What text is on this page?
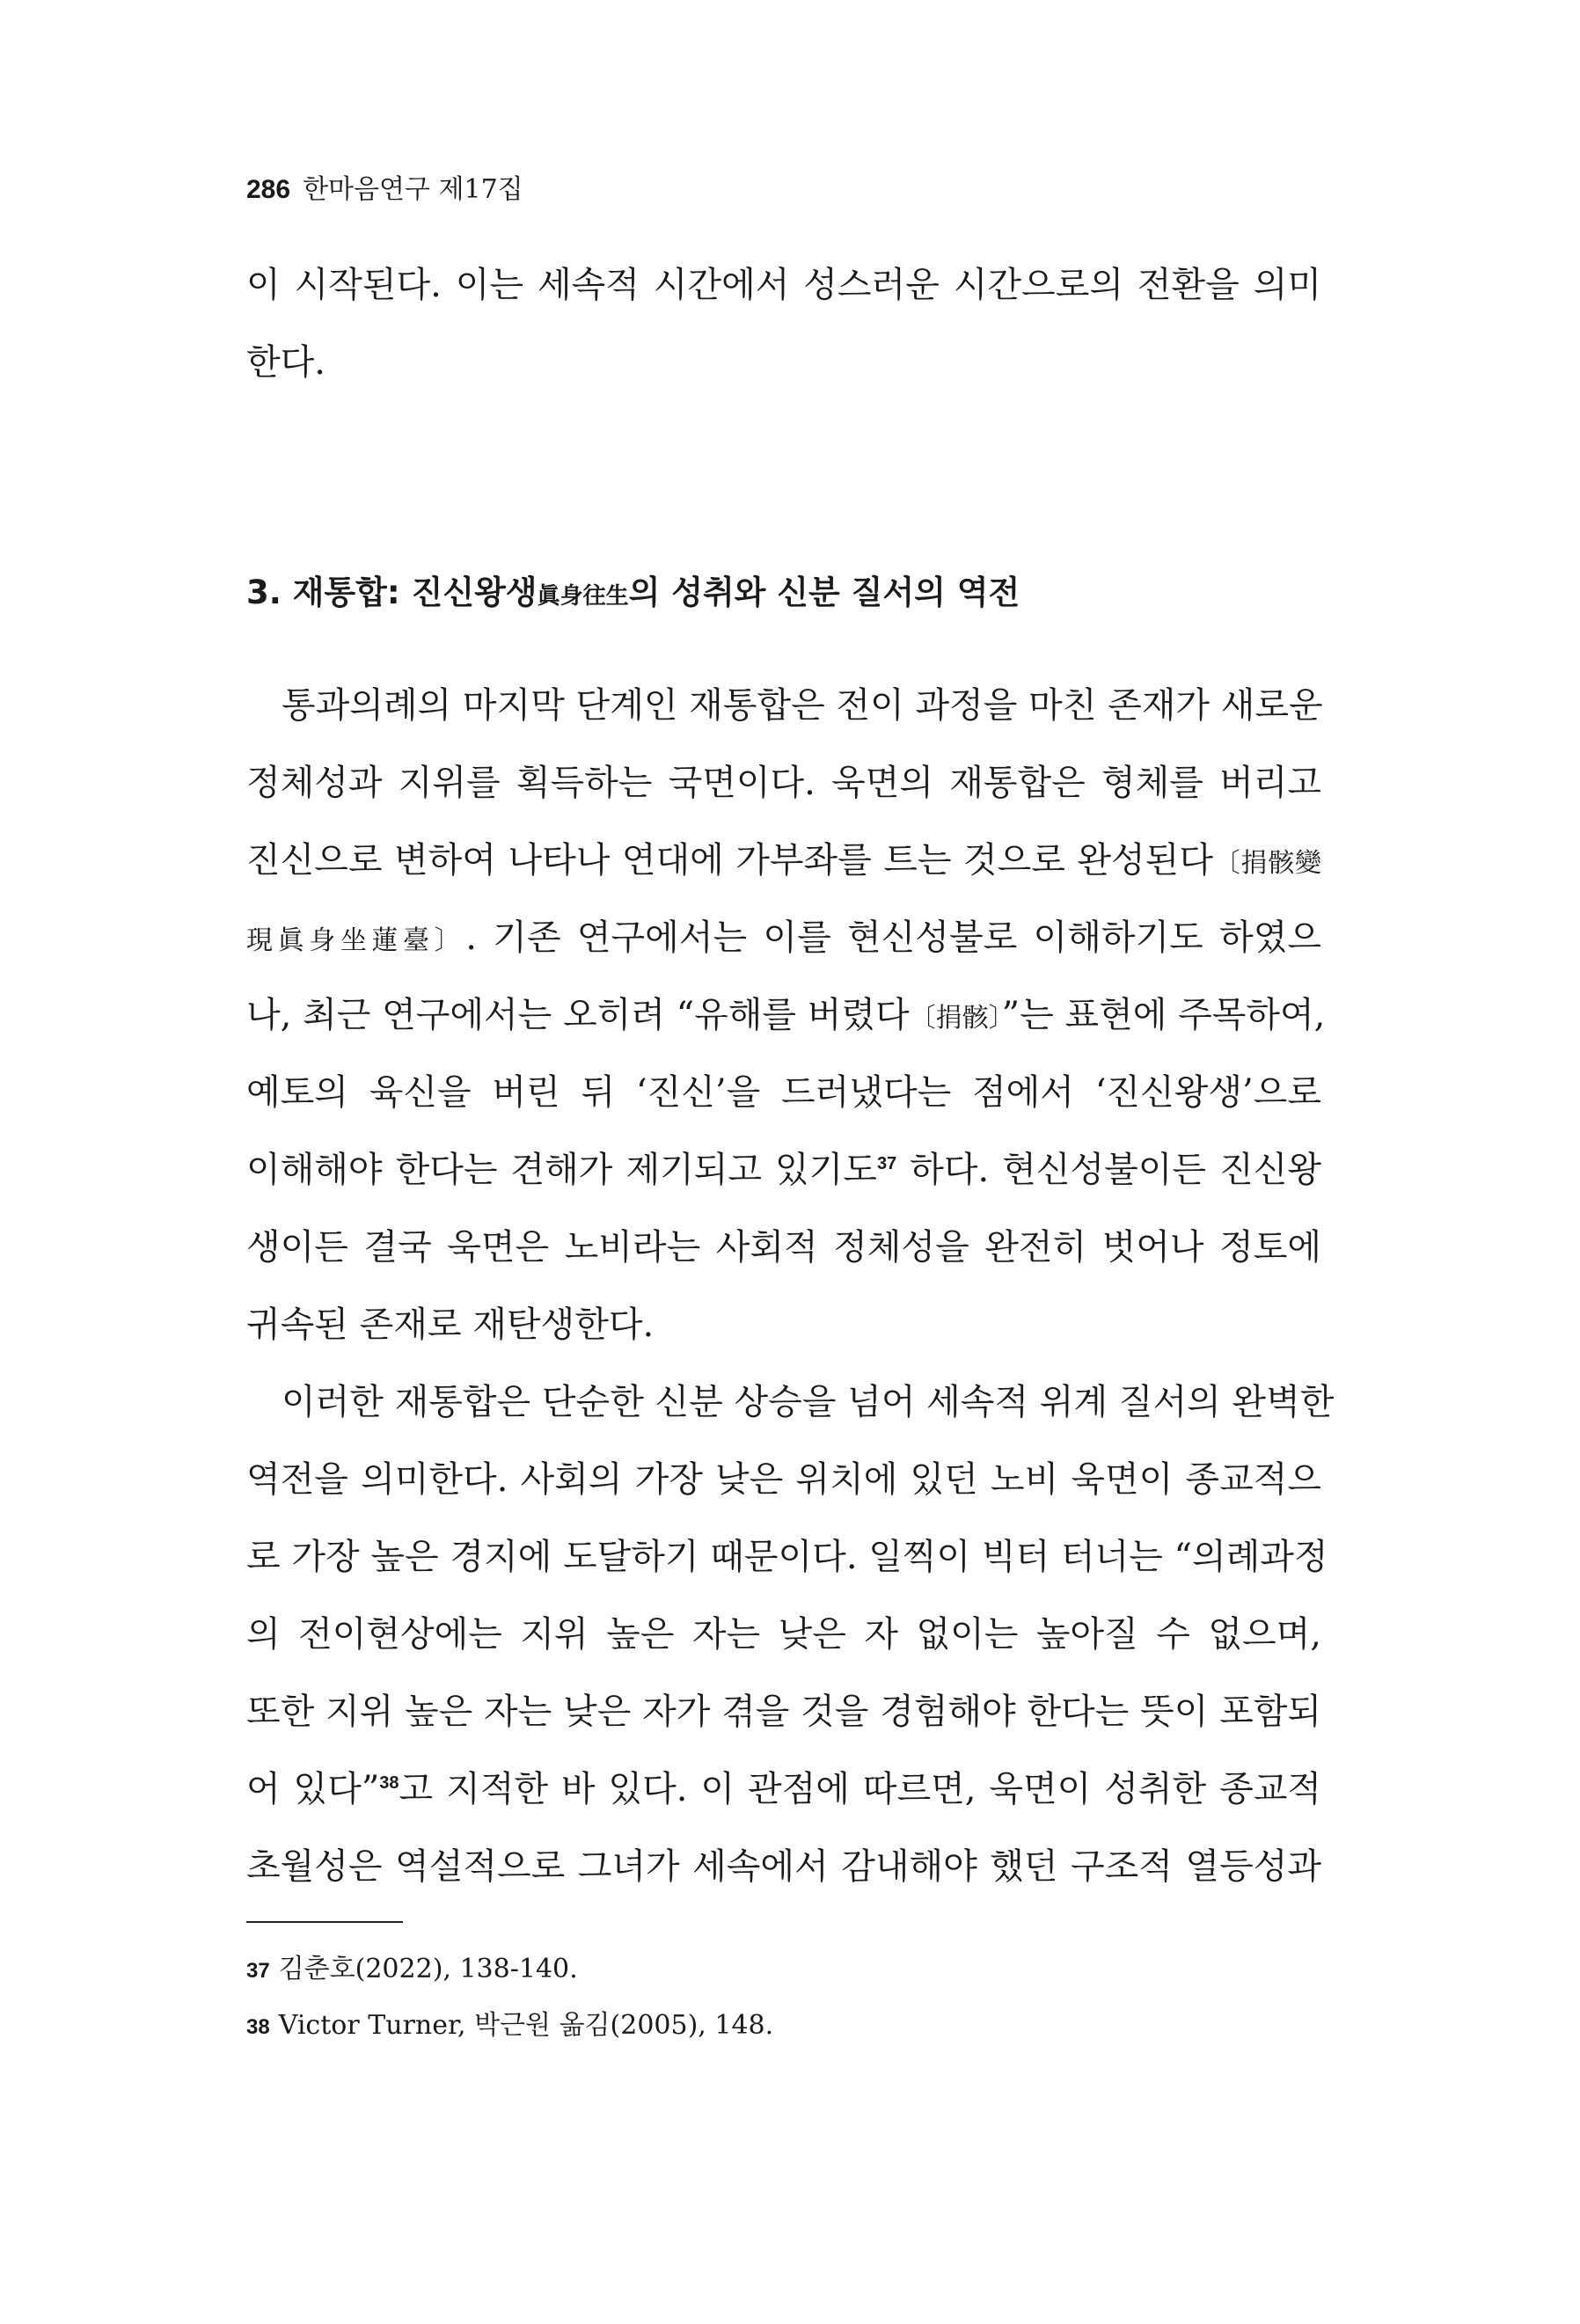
286 한마음연구 제17집
이 시작된다. 이는 세속적 시간에서 성스러운 시간으로의 전환을 의미
한다.
3. 재통합: 진신왕생眞身往生의 성취와 신분 질서의 역전
통과의례의 마지막 단계인 재통합은 전이 과정을 마친 존재가 새로운
정체성과 지위를 획득하는 국면이다. 욱면의 재통합은 형체를 버리고
진신으로 변하여 나타나 연대에 가부좌를 트는 것으로 완성된다〔捐骸變
現眞身坐蓮臺〕. 기존 연구에서는 이를 현신성불로 이해하기도 하였으
나, 최근 연구에서는 오히려 “유해를 버렸다〔捐骸〕”는 표현에 주목하여,
예토의 육신을 버린 뒤 ‘진신’을 드러냈다는 점에서 ‘진신왕생’으로
이해해야 한다는 견해가 제기되고 있기도$^{37}$ 하다. 현신성불이든 진신왕
생이든 결국 욱면은 노비라는 사회적 정체성을 완전히 벗어나 정토에
귀속된 존재로 재탄생한다.
이러한 재통합은 단순한 신분 상승을 넘어 세속적 위계 질서의 완벽한
역전을 의미한다. 사회의 가장 낮은 위치에 있던 노비 욱면이 종교적으
로 가장 높은 경지에 도달하기 때문이다. 일찍이 빅터 터너는 “의례과정
의 전이현상에는 지위 높은 자는 낮은 자 없이는 높아질 수 없으며,
또한 지위 높은 자는 낮은 자가 겪을 것을 경험해야 한다는 뜻이 포함되
어 있다”$^{38}$고 지적한 바 있다. 이 관점에 따르면, 욱면이 성취한 종교적
초월성은 역설적으로 그녀가 세속에서 감내해야 했던 구조적 열등성과
37 김춘호(2022), 138-140.
38 Victor Turner, 박근원 옮김(2005), 148.
